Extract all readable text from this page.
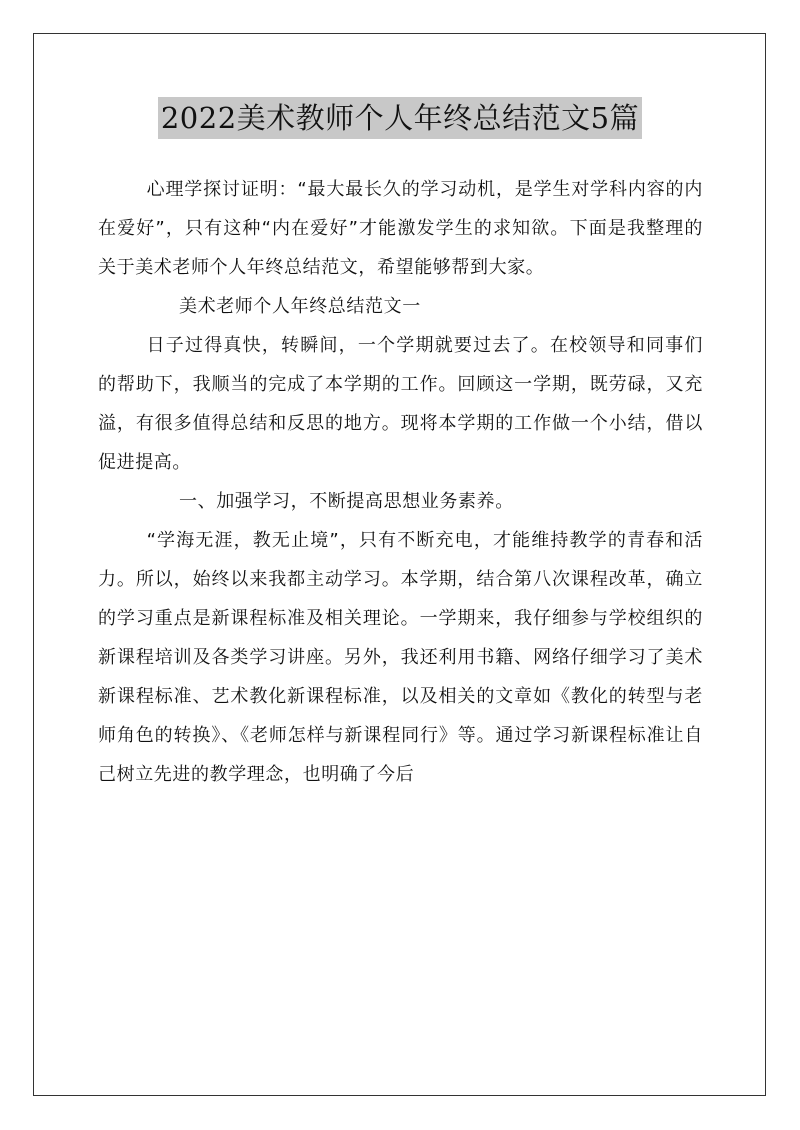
2022美术教师个人年终总结范文5篇

心理学探讨证明：“最大最长久的学习动机，是学生对学科内容的内在爱好”，只有这种“内在爱好”才能激发学生的求知欲。下面是我整理的关于美术老师个人年终总结范文，希望能够帮到大家。

美术老师个人年终总结范文一

日子过得真快，转瞬间，一个学期就要过去了。在校领导和同事们的帮助下，我顺当的完成了本学期的工作。回顾这一学期，既劳碌，又充溢，有很多值得总结和反思的地方。现将本学期的工作做一个小结，借以促进提高。

一、加强学习，不断提高思想业务素养。

“学海无涯，教无止境”，只有不断充电，才能维持教学的青春和活力。所以，始终以来我都主动学习。本学期，结合第八次课程改革，确立的学习重点是新课程标准及相关理论。一学期来，我仔细参与学校组织的新课程培训及各类学习讲座。另外，我还利用书籍、网络仔细学习了美术新课程标准、艺术教化新课程标准，以及相关的文章如《教化的转型与老师角色的转换》、《老师怎样与新课程同行》等。通过学习新课程标准让自己树立先进的教学理念，也明确了今后
